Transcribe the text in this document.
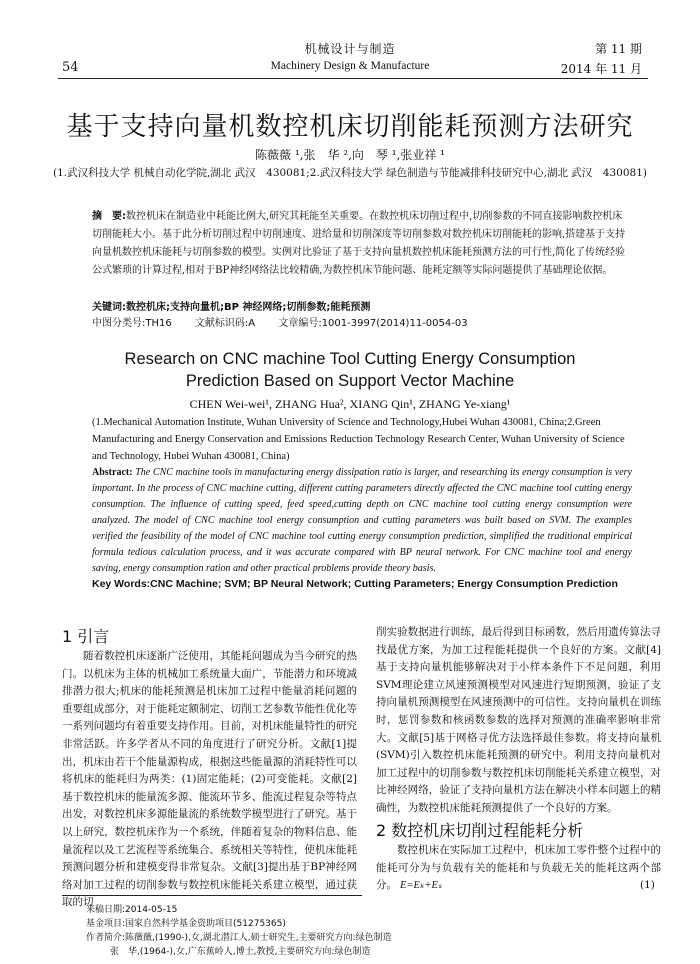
机械设计与制造
Machinery Design & Manufacture
54
第 11 期
2014 年 11 月
基于支持向量机数控机床切削能耗预测方法研究
陈薇薇 ¹,张　华 ²,向　琴 ¹,张业祥 ¹
(1.武汉科技大学 机械自动化学院,湖北 武汉　430081;2.武汉科技大学 绿色制造与节能减排科技研究中心,湖北 武汉　430081)
摘　要:数控机床在制造业中耗能比例大,研究其耗能至关重要。在数控机床切削过程中,切削参数的不同直接影响数控机床切削能耗大小。基于此分析切削过程中切削速度、进给量和切削深度等切削参数对数控机床切削能耗的影响,搭建基于支持向量机数控机床能耗与切削参数的模型。实例对比验证了基于支持向量机数控机床能耗预测方法的可行性,简化了传统经验公式繁琐的计算过程,相对于BP神经网络法比较精确,为数控机床节能问题、能耗定额等实际问题提供了基础理论依据。
关键词:数控机床;支持向量机;BP 神经网络;切削参数;能耗预测
中图分类号:TH16 文献标识码:A 文章编号:1001-3997(2014)11-0054-03
Research on CNC machine Tool Cutting Energy Consumption
Prediction Based on Support Vector Machine
CHEN Wei-wei¹, ZHANG Hua², XIANG Qin¹, ZHANG Ye-xiang¹
(1.Mechanical Automation Institute, Wuhan University of Science and Technology,Hubei Wuhan 430081, China;2.Green Manufacturing and Energy Conservation and Emissions Reduction Technology Research Center, Wuhan University of Science and Technology, Hubei Wuhan 430081, China)
Abstract: The CNC machine tools in manufacturing energy dissipation ratio is larger, and researching its energy consumption is very important. In the process of CNC machine cutting, different cutting parameters directly affected the CNC machine tool cutting energy consumption. The influence of cutting speed, feed speed,cutting depth on CNC machine tool cutting energy consumption were analyzed. The model of CNC machine tool energy consumption and cutting parameters was built based on SVM. The examples verified the feasibility of the model of CNC machine tool cutting energy consumption prediction, simplified the traditional empirical formula tedious calculation process, and it was accurate compared with BP neural network. For CNC machine tool and energy saving, energy consumption ration and other practical problems provide theory basis.
Key Words:CNC Machine; SVM; BP Neural Network; Cutting Parameters; Energy Consumption Prediction
1 引言

随着数控机床逐渐广泛使用，其能耗问题成为当今研究的热门。以机床为主体的机械加工系统量大面广，节能潜力和环境减排潜力很大;机床的能耗预测是机床加工过程中能量消耗问题的重要组成部分，对于能耗定额制定、切削工艺参数节能性优化等一系列问题均有着重要支持作用。目前，对机床能量特性的研究非常活跃。许多学者从不同的角度进行了研究分析。文献[1]提出，机床由若干个能量源构成，根据这些能量源的消耗特性可以将机床的能耗归为两类：(1)固定能耗；(2)可变能耗。文献[2]基于数控机床的能量流多源、能流环节多、能流过程复杂等特点出发，对数控机床多源能量流的系统数学模型进行了研究。基于以上研究，数控机床作为一个系统，伴随着复杂的物料信息、能量流程以及工艺流程等系统集合、系统相关等特性，使机床能耗预测问题分析和建模变得非常复杂。文献[3]提出基于BP神经网络对加工过程的切削参数与数控机床能耗关系建立模型，通过获取的切

削实验数据进行训练，最后得到目标函数，然后用遗传算法寻找最优方案，为加工过程能耗提供一个良好的方案。文献[4]基于支持向量机能够解决对于小样本条件下不足问题，利用SVM理论建立风速预测模型对风速进行短期预测，验证了支持向量机预测模型在风速预测中的可信性。支持向量机在训练时，惩罚参数和核函数参数的选择对预测的准确率影响非常大。文献[5]基于网格寻优方法选择最佳参数。将支持向量机(SVM)引入数控机床能耗预测的研究中。利用支持向量机对加工过程中的切削参数与数控机床切削能耗关系建立模型，对比神经网络，验证了支持向量机方法在解决小样本问题上的精确性，为数控机床能耗预测提供了一个良好的方案。
2 数控机床切削过程能耗分析

数控机床在实际加工过程中，机床加工零件整个过程中的能耗可分为与负载有关的能耗和与负载无关的能耗这两个部分。 E=Eₖ+Eₛ	(1)
来稿日期:2014-05-15
基金项目:国家自然科学基金资助项目(51275365)
作者简介:陈薇薇,(1990-),女,湖北潜江人,硕士研究生,主要研究方向:绿色制造
张　华,(1964-),女,广东蕉岭人,博士,教授,主要研究方向:绿色制造
